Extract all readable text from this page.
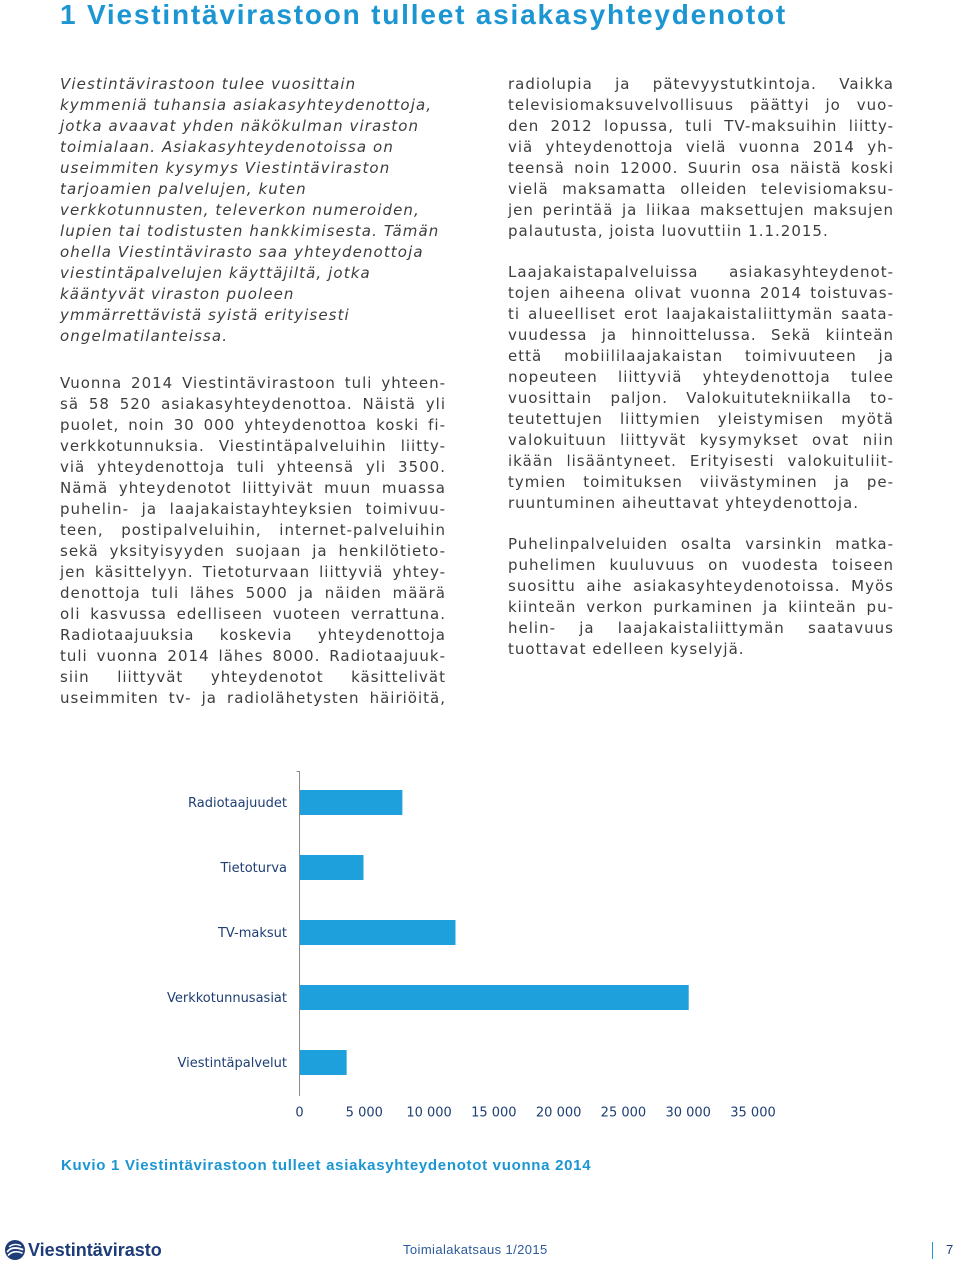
1 Viestintävirastoon tulleet asiakasyhteydenotot
Viestintävirastoon tulee vuosittain
kymmeniä tuhansia asiakasyhteydenottoja,
jotka avaavat yhden näkökulman viraston
toimialaan. Asiakasyhteydenotoissa on
useimmiten kysymys Viestintäviraston
tarjoamien palvelujen, kuten
verkkotunnusten, televerkon numeroiden,
lupien tai todistusten hankkimisesta. Tämän
ohella Viestintävirasto saa yhteydenottoja
viestintäpalvelujen käyttäjiltä, jotka
kääntyvät viraston puoleen
ymmärrettävistä syistä erityisesti
ongelmatilanteissa.
Vuonna 2014 Viestintävirastoon tuli yhteen-
sä 58 520 asiakasyhteydenottoa. Näistä yli
puolet, noin 30 000 yhteydenottoa koski fi-
verkkotunnuksia. Viestintäpalveluihin liitty-
viä yhteydenottoja tuli yhteensä yli 3500.
Nämä yhteydenotot liittyivät muun muassa
puhelin- ja laajakaistayhteyksien toimivuu-
teen, postipalveluihin, internet-palveluihin
sekä yksityisyyden suojaan ja henkilötieto-
jen käsittelyyn. Tietoturvaan liittyviä yhtey-
denottoja tuli lähes 5000 ja näiden määrä
oli kasvussa edelliseen vuoteen verrattuna.
Radiotaajuuksia koskevia yhteydenottoja
tuli vuonna 2014 lähes 8000. Radiotaajuuk-
siin liittyvät yhteydenotot käsittelivät
useimmiten tv- ja radiolähetysten häiriöitä,
radiolupia ja pätevyystutkintoja. Vaikka
televisiomaksuvelvollisuus päättyi jo vuo-
den 2012 lopussa, tuli TV-maksuihin liitty-
viä yhteydenottoja vielä vuonna 2014 yh-
teensä noin 12000. Suurin osa näistä koski
vielä maksamatta olleiden televisiomaksu-
jen perintää ja liikaa maksettujen maksujen
palautusta, joista luovuttiin 1.1.2015.
Laajakaistapalveluissa asiakasyhteydenot-
tojen aiheena olivat vuonna 2014 toistuvas-
ti alueelliset erot laajakaistaliittymän saata-
vuudessa ja hinnoittelussa. Sekä kiinteän
että mobiililaajakaistan toimivuuteen ja
nopeuteen liittyviä yhteydenottoja tulee
vuosittain paljon. Valokuitutekniikalla to-
teutettujen liittymien yleistymisen myötä
valokuituun liittyvät kysymykset ovat niin
ikään lisääntyneet. Erityisesti valokuituliit-
tymien toimituksen viivästyminen ja pe-
ruuntuminen aiheuttavat yhteydenottoja.
Puhelinpalveluiden osalta varsinkin matka-
puhelimen kuuluvuus on vuodesta toiseen
suosittu aihe asiakasyhteydenotoissa. Myös
kiinteän verkon purkaminen ja kiinteän pu-
helin- ja laajakaistaliittymän saatavuus
tuottavat edelleen kyselyjä.
Radiotaajuudet
Tietoturva
TV-maksut
Verkkotunnusasiat
Viestintäpalvelut
0	5 000 10 000 15 000 20 000 25 000 30 000 35 000
Kuvio 1 Viestintävirastoon tulleet asiakasyhteydenotot vuonna 2014
Viestintävirasto	Toimialakatsaus 1/2015	7
